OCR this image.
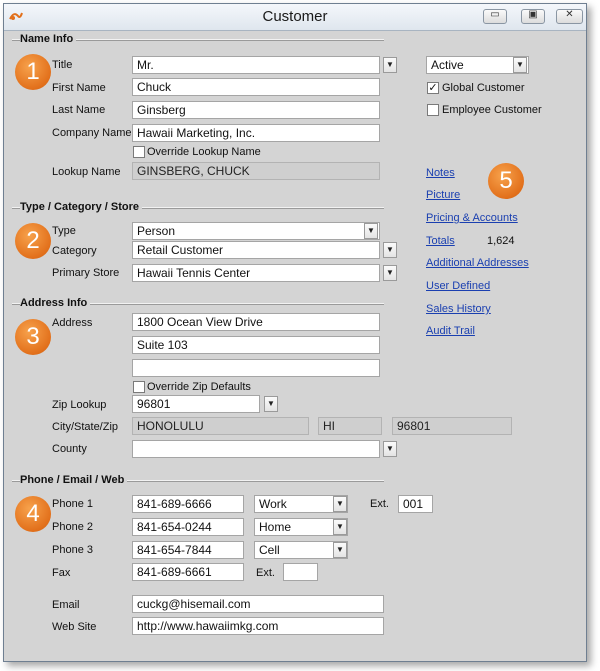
Customer	▭	▣	✕
Name Info
1	Title	Mr.	▼	Active	▼
✓ Global Customer
Employee Customer
First Name	Chuck
Last Name	Ginsberg
Company Name Hawaii Marketing, Inc.
Override Lookup Name
Lookup Name	GINSBERG, CHUCK
Type / Category / Store
2	Type	Person	▼
Category	Retail Customer	▼
Primary Store	Hawaii Tennis Center	▼
Address Info
3	Address	1800 Ocean View Drive
Suite 103
Override Zip Defaults
Zip Lookup	96801	▼
City/State/Zip	HONOLULU	HI	96801
County	▼
Phone / Email / Web
4	Phone 1	841-689-6666	Work	▼ Ext.	001
Phone 2	841-654-0244	Home	▼
Phone 3	841-654-7844	Cell	▼
Fax	841-689-6661	Ext.
Email	cuckg@hisemail.com
Web Site	http://www.hawaiimkg.com
Notes	5
Picture
Pricing & Accounts
Totals	1,624
Additional Addresses
User Defined
Sales History
Audit Trail
